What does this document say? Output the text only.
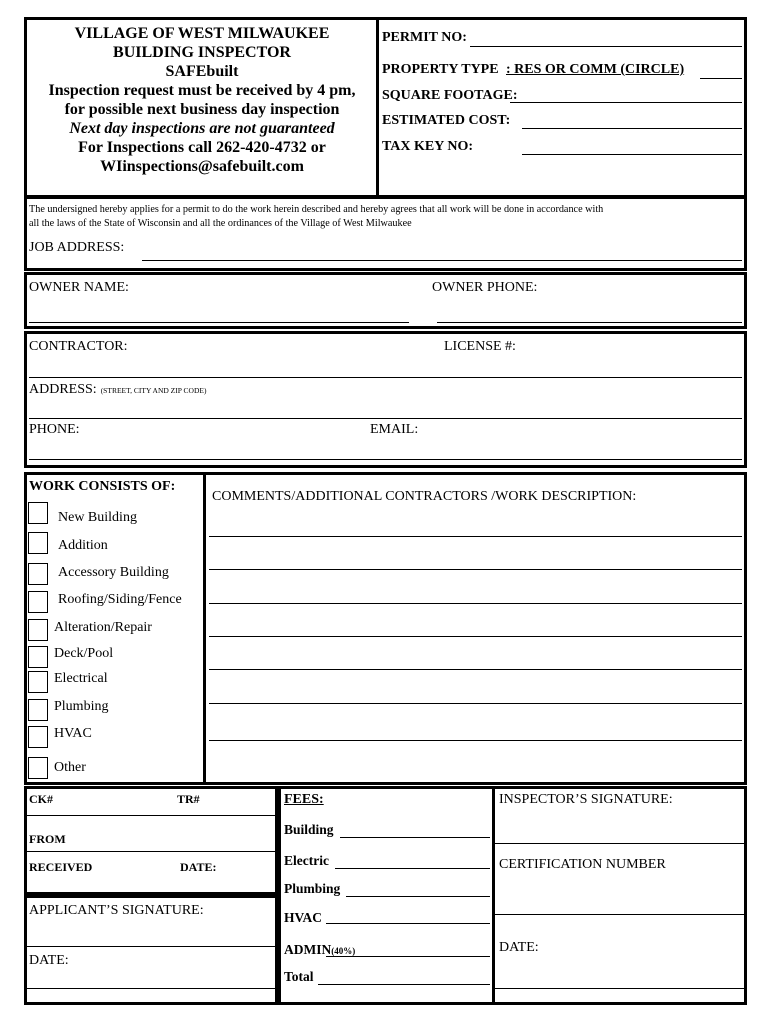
VILLAGE OF WEST MILWAUKEE
BUILDING INSPECTOR
SAFEbuilt
Inspection request must be received by 4 pm,
for possible next business day inspection
Next day inspections are not guaranteed
For Inspections call 262-420-4732 or
WIinspections@safebuilt.com
PERMIT NO:
PROPERTY TYPE : RES OR COMM (CIRCLE)
SQUARE FOOTAGE:
ESTIMATED COST:
TAX KEY NO:
The undersigned hereby applies for a permit to do the work herein described and hereby agrees that all work will be done in accordance with
all the laws of the State of Wisconsin and all the ordinances of the Village of West Milwaukee
JOB ADDRESS:
OWNER NAME:	OWNER PHONE:
CONTRACTOR:	LICENSE #:
ADDRESS: (STREET, CITY AND ZIP CODE)
PHONE:	EMAIL:
WORK CONSISTS OF:
New Building
Addition
Accessory Building
Roofing/Siding/Fence
Alteration/Repair
Deck/Pool
Electrical
Plumbing
HVAC
Other
COMMENTS/ADDITIONAL CONTRACTORS /WORK DESCRIPTION:
CK#	TR#
FROM
RECEIVED	DATE:
APPLICANT’S SIGNATURE:
DATE:
FEES:
Building
Electric
Plumbing
HVAC
ADMIN(40%)
Total
INSPECTOR’S SIGNATURE:
CERTIFICATION NUMBER
DATE:
